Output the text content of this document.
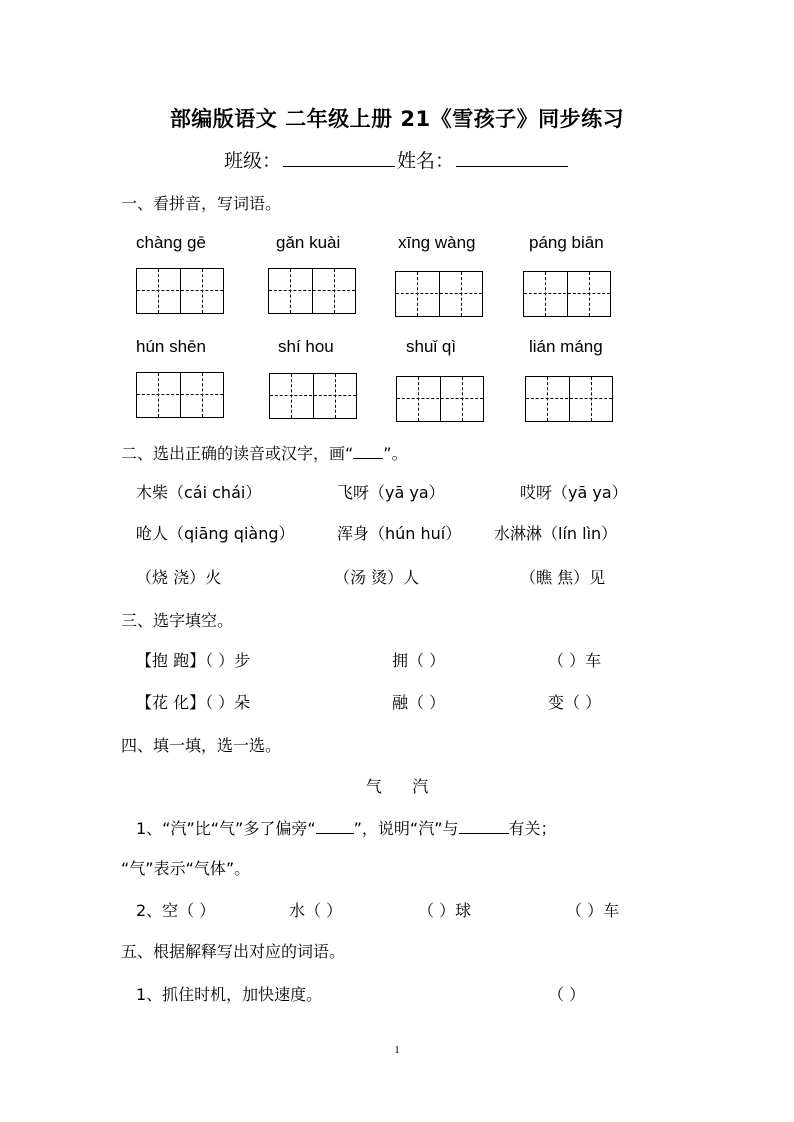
部编版语文 二年级上册 21《雪孩子》同步练习
班级：	姓名：
一、看拼音，写词语。
chàng gē	gǎn kuài	xīng wàng	páng biān
hún shēn	shí hou	shuǐ qì	lián máng
二、选出正确的读音或汉字，画“ ”。
木柴（cái chái）	飞呀（yā ya）	哎呀（yā ya）
呛人（qiāng qiàng）	浑身（hún huí） 水淋淋（lín lìn）
（烧 浇）火	（汤 烫）人	（瞧 焦）见
三、选字填空。
【抱 跑】（ ）步	拥（ ）	（ ）车
【花 化】（ ）朵	融（ ）	变（ ）
四、填一填，选一选。
气      汽
1、“汽”比“气”多了偏旁“ ”，说明“汽”与	有关；
“气”表示“气体”。
2、空（ ）	水（ ）	（ ）球	（ ）车
五、根据解释写出对应的词语。
1、抓住时机，加快速度。	（ ）
1
